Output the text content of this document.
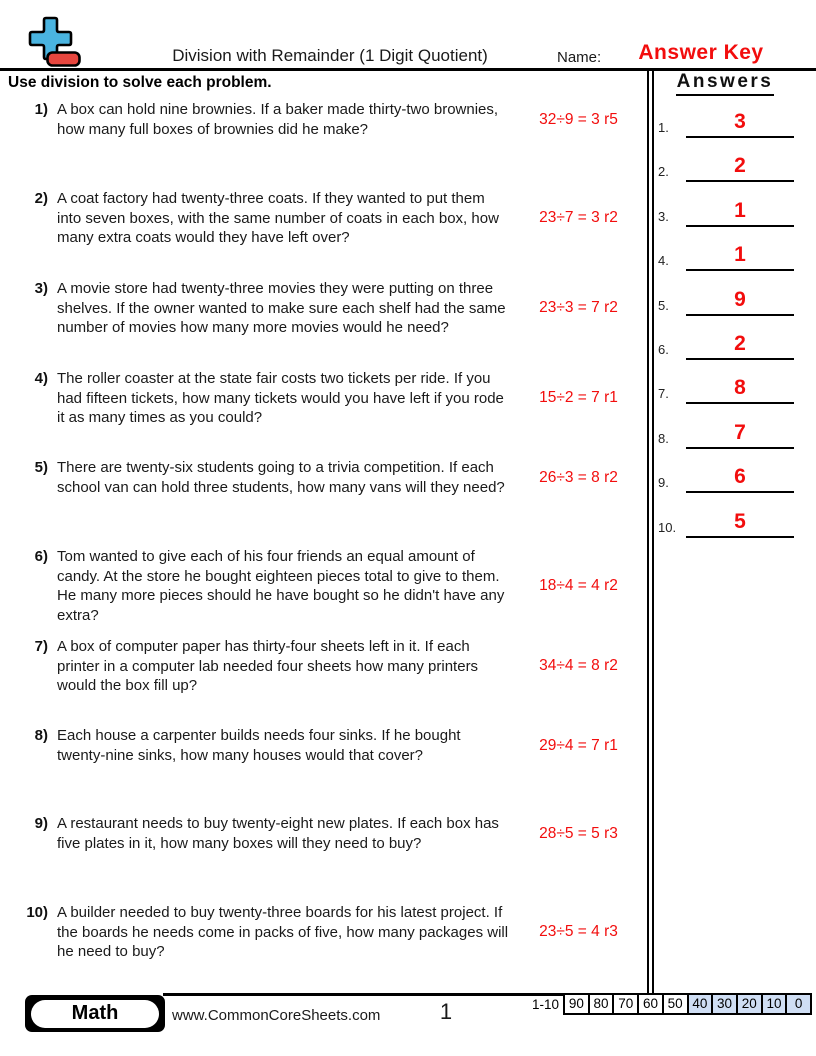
Division with Remainder (1 Digit Quotient)	Name:	Answer Key
Use division to solve each problem.	Answers
1.	3
2.	2
3.	1
4.	1
5.	9
6.	2
7.	8
8.	7
9.	6
10.	5
1) A box can hold nine brownies. If a baker made thirty-two brownies, how many full boxes of brownies did he make?
32÷9 = 3 r5
2) A coat factory had twenty-three coats. If they wanted to put them into seven boxes, with the same number of coats in each box, how many extra coats would they have left over?
23÷7 = 3 r2
3) A movie store had twenty-three movies they were putting on three shelves. If the owner wanted to make sure each shelf had the same number of movies how many more movies would he need?
23÷3 = 7 r2
4) The roller coaster at the state fair costs two tickets per ride. If you had fifteen tickets, how many tickets would you have left if you rode it as many times as you could?
15÷2 = 7 r1
5) There are twenty-six students going to a trivia competition. If each school van can hold three students, how many vans will they need?
26÷3 = 8 r2
6) Tom wanted to give each of his four friends an equal amount of candy. At the store he bought eighteen pieces total to give to them. He many more pieces should he have bought so he didn't have any extra?
18÷4 = 4 r2
7) A box of computer paper has thirty-four sheets left in it. If each printer in a computer lab needed four sheets how many printers would the box fill up?
34÷4 = 8 r2
8) Each house a carpenter builds needs four sinks. If he bought twenty-nine sinks, how many houses would that cover?
29÷4 = 7 r1
9) A restaurant needs to buy twenty-eight new plates. If each box has five plates in it, how many boxes will they need to buy?
28÷5 = 5 r3
10) A builder needed to buy twenty-three boards for his latest project. If the boards he needs come in packs of five, how many packages will he need to buy?
23÷5 = 4 r3
Math	www.CommonCoreSheets.com	1	1-10 90 80 70 60 50 40 30 20 10 0
